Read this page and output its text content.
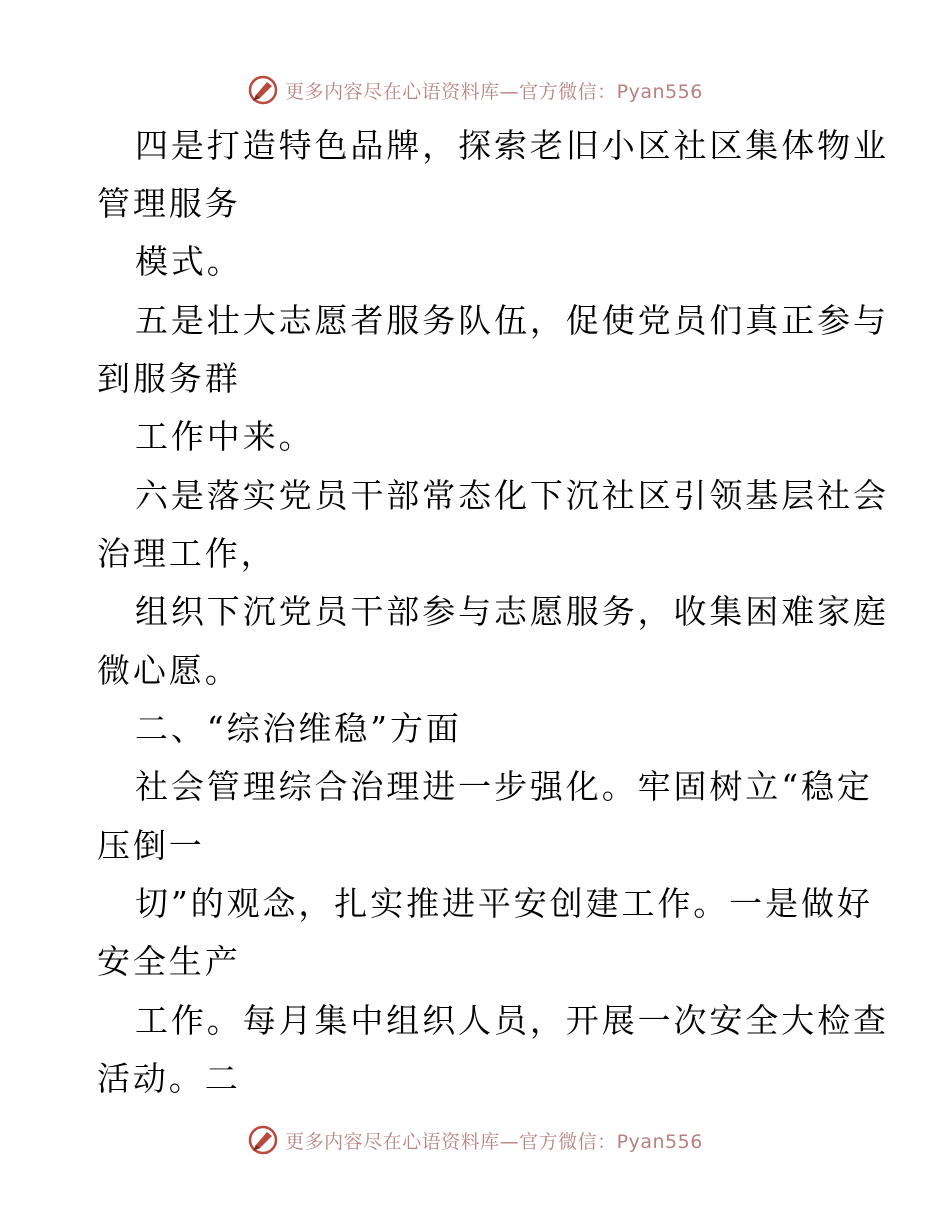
更多内容尽在心语资料库—官方微信：Pyan556
四是打造特色品牌，探索老旧小区社区集体物业
管理服务
模式。
五是壮大志愿者服务队伍，促使党员们真正参与
到服务群
工作中来。
六是落实党员干部常态化下沉社区引领基层社会
治理工作，
组织下沉党员干部参与志愿服务，收集困难家庭
微心愿。
二、“综治维稳”方面
社会管理综合治理进一步强化。牢固树立“稳定
压倒一
切”的观念，扎实推进平安创建工作。一是做好
安全生产
工作。每月集中组织人员，开展一次安全大检查
活动。二
更多内容尽在心语资料库—官方微信：Pyan556
